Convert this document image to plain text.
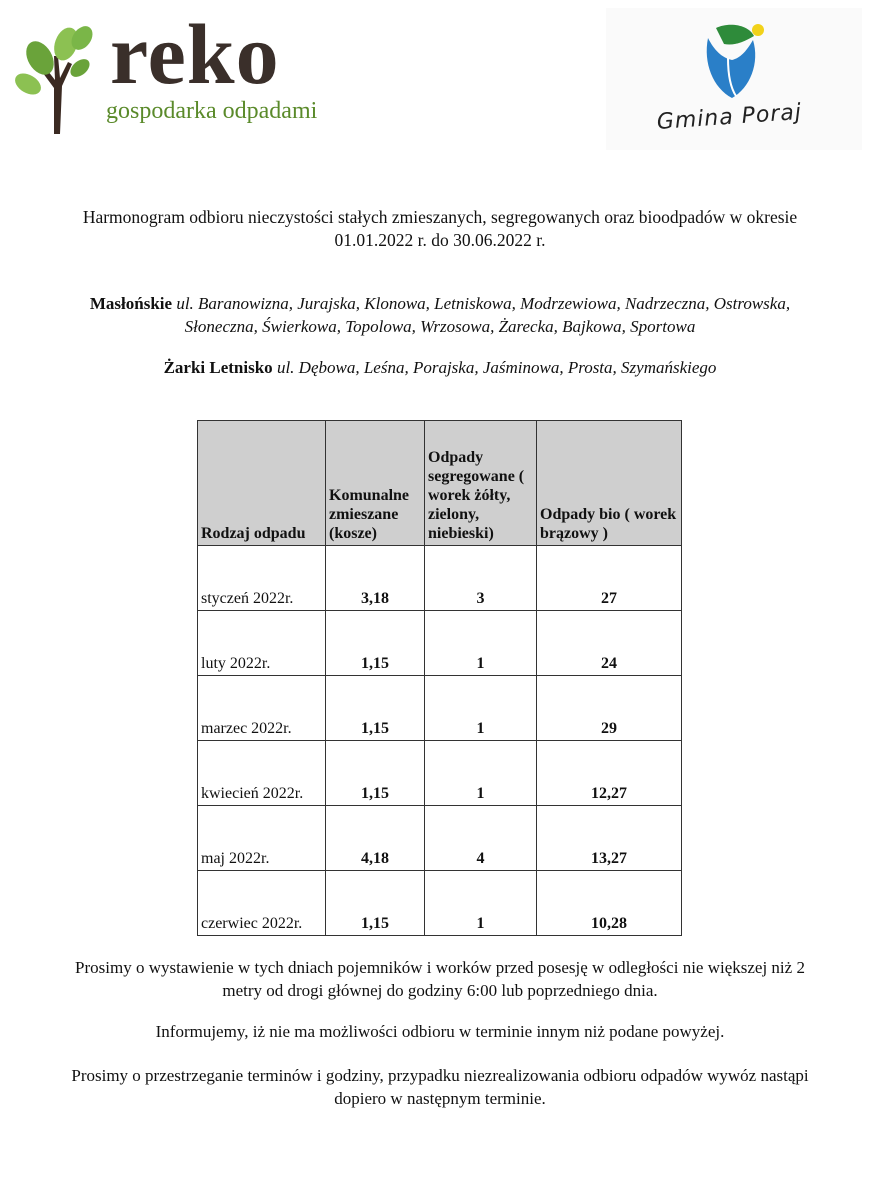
reko
gospodarka odpadami	Gmina Poraj
Harmonogram odbioru nieczystości stałych zmieszanych, segregowanych oraz bioodpadów w okresie 01.01.2022 r. do 30.06.2022 r.
Masłońskie ul. Baranowizna, Jurajska, Klonowa, Letniskowa, Modrzewiowa, Nadrzeczna, Ostrowska, Słoneczna, Świerkowa, Topolowa, Wrzosowa, Żarecka, Bajkowa, Sportowa
Żarki Letnisko ul. Dębowa, Leśna, Porajska, Jaśminowa, Prosta, Szymańskiego
Rodzaj odpadu	Komunalne zmieszane (kosze)	Odpady segregowane ( worek żółty, zielony, niebieski)	Odpady bio ( worek brązowy )
styczeń 2022r.	3,18	3	27
luty 2022r.	1,15	1	24
marzec 2022r.	1,15	1	29
kwiecień 2022r.	1,15	1	12,27
maj 2022r.	4,18	4	13,27
czerwiec 2022r.	1,15	1	10,28
Prosimy o wystawienie w tych dniach pojemników i worków przed posesję w odległości nie większej niż 2 metry od drogi głównej do godziny 6:00 lub poprzedniego dnia.
Informujemy, iż nie ma możliwości odbioru w terminie innym niż podane powyżej.
Prosimy o przestrzeganie terminów i godziny, przypadku niezrealizowania odbioru odpadów wywóz nastąpi dopiero w następnym terminie.
